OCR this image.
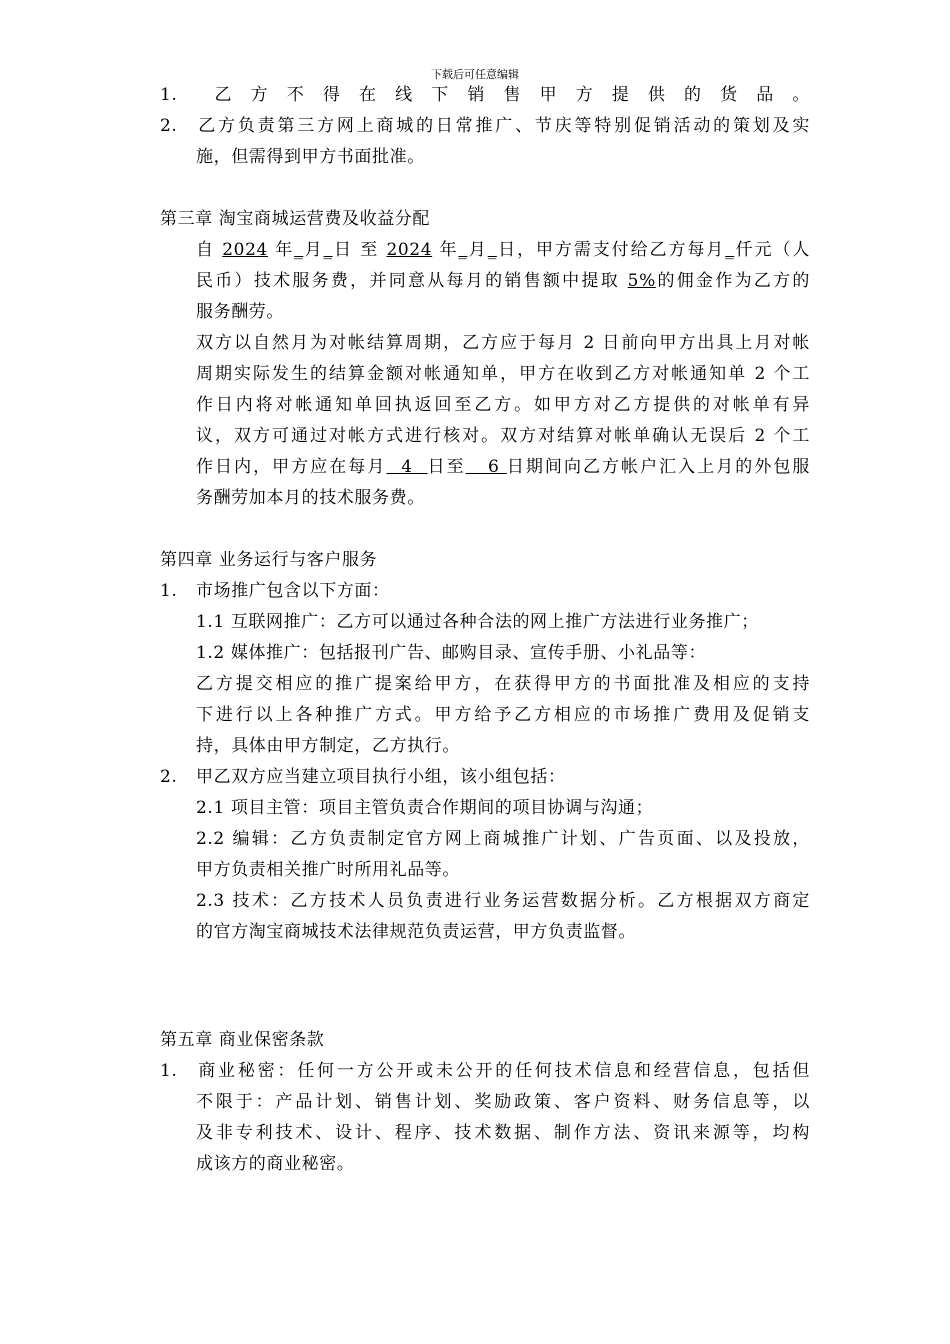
下载后可任意编辑
1. 乙方不得在线下销售甲方提供的货品。
2. 乙方负责第三方网上商城的日常推广、节庆等特别促销活动的策划及实
施，但需得到甲方书面批准。
第三章 淘宝商城运营费及收益分配
自 2024 年_月_日 至 2024 年_月_日，甲方需支付给乙方每月_仟元（人
民币）技术服务费，并同意从每月的销售额中提取 5%的佣金作为乙方的
服务酬劳。
双方以自然月为对帐结算周期，乙方应于每月 2 日前向甲方出具上月对帐
周期实际发生的结算金额对帐通知单，甲方在收到乙方对帐通知单 2 个工
作日内将对帐通知单回执返回至乙方。如甲方对乙方提供的对帐单有异
议，双方可通过对帐方式进行核对。双方对结算对帐单确认无误后 2 个工
作日内，甲方应在每月  4  日至   6 日期间向乙方帐户汇入上月的外包服
务酬劳加本月的技术服务费。
第四章 业务运行与客户服务
1. 市场推广包含以下方面：
1.1 互联网推广：乙方可以通过各种合法的网上推广方法进行业务推广；
1.2 媒体推广：包括报刊广告、邮购目录、宣传手册、小礼品等：
乙方提交相应的推广提案给甲方，在获得甲方的书面批准及相应的支持
下进行以上各种推广方式。甲方给予乙方相应的市场推广费用及促销支
持，具体由甲方制定，乙方执行。
2. 甲乙双方应当建立项目执行小组，该小组包括：
2.1 项目主管：项目主管负责合作期间的项目协调与沟通；
2.2 编辑：乙方负责制定官方网上商城推广计划、广告页面、以及投放，
甲方负责相关推广时所用礼品等。
2.3 技术：乙方技术人员负责进行业务运营数据分析。乙方根据双方商定
的官方淘宝商城技术法律规范负责运营，甲方负责监督。
第五章 商业保密条款
1. 商业秘密：任何一方公开或未公开的任何技术信息和经营信息，包括但
不限于：产品计划、销售计划、奖励政策、客户资料、财务信息等，以
及非专利技术、设计、程序、技术数据、制作方法、资讯来源等，均构
成该方的商业秘密。
